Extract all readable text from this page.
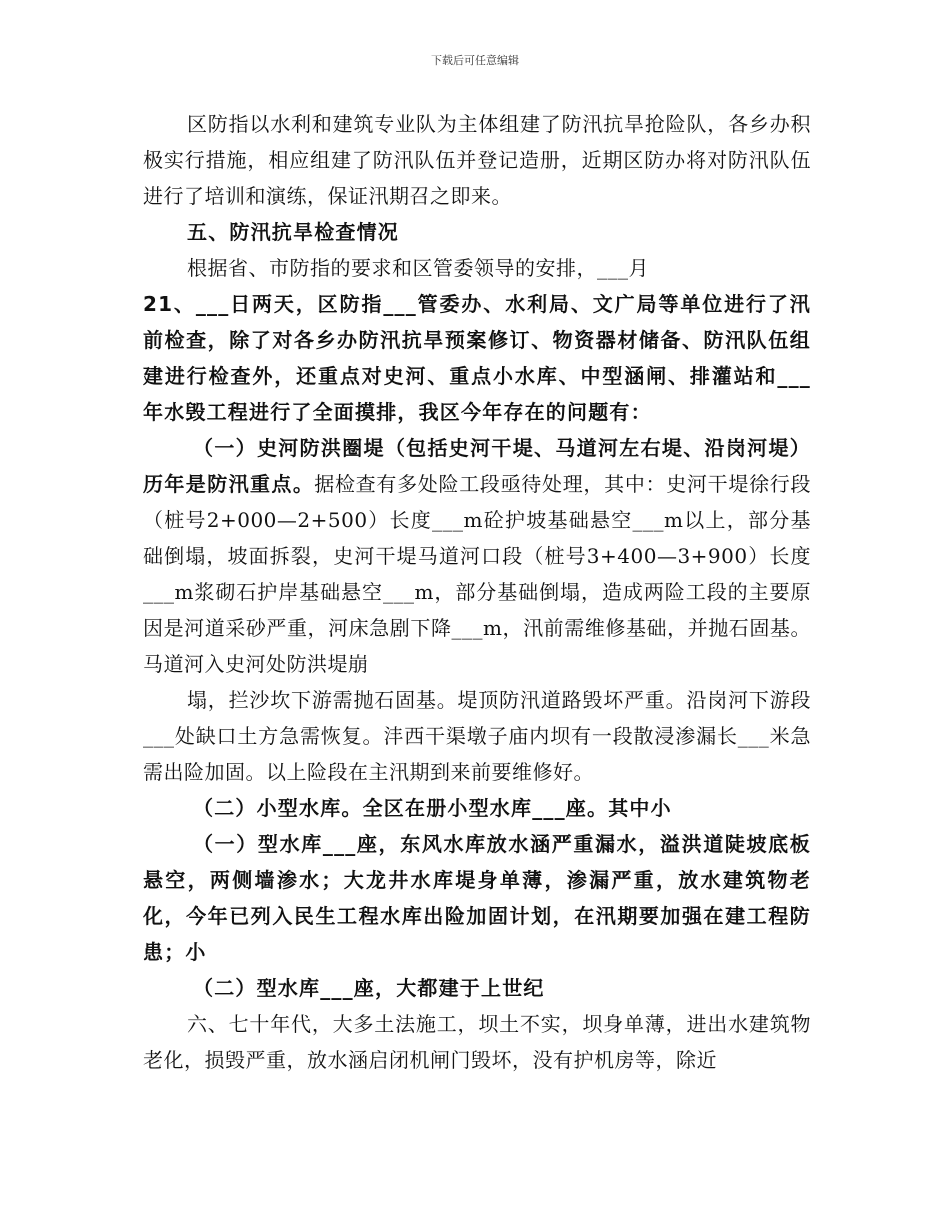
下载后可任意编辑

区防指以水利和建筑专业队为主体组建了防汛抗旱抢险队，各乡办积极实行措施，相应组建了防汛队伍并登记造册，近期区防办将对防汛队伍进行了培训和演练，保证汛期召之即来。

五、防汛抗旱检查情况

根据省、市防指的要求和区管委领导的安排，___月

21、___日两天，区防指___管委办、水利局、文广局等单位进行了汛前检查，除了对各乡办防汛抗旱预案修订、物资器材储备、防汛队伍组建进行检查外，还重点对史河、重点小水库、中型涵闸、排灌站和___年水毁工程进行了全面摸排，我区今年存在的问题有：

（一）史河防洪圈堤（包括史河干堤、马道河左右堤、沿岗河堤）历年是防汛重点。据检查有多处险工段亟待处理，其中：史河干堤徐行段（桩号2+000—2+500）长度___m砼护坡基础悬空___m以上，部分基础倒塌，坡面拆裂，史河干堤马道河口段（桩号3+400—3+900）长度___m浆砌石护岸基础悬空___m，部分基础倒塌，造成两险工段的主要原因是河道采砂严重，河床急剧下降___m，汛前需维修基础，并抛石固基。马道河入史河处防洪堤崩

塌，拦沙坎下游需抛石固基。堤顶防汛道路毁坏严重。沿岗河下游段___处缺口土方急需恢复。沣西干渠墩子庙内坝有一段散浸渗漏长___米急需出险加固。以上险段在主汛期到来前要维修好。

（二）小型水库。全区在册小型水库___座。其中小

（一）型水库___座，东风水库放水涵严重漏水，溢洪道陡坡底板悬空，两侧墙渗水；大龙井水库堤身单薄，渗漏严重，放水建筑物老化，今年已列入民生工程水库出险加固计划，在汛期要加强在建工程防患；小

（二）型水库___座，大都建于上世纪

六、七十年代，大多土法施工，坝土不实，坝身单薄，进出水建筑物老化，损毁严重，放水涵启闭机闸门毁坏，没有护机房等，除近
